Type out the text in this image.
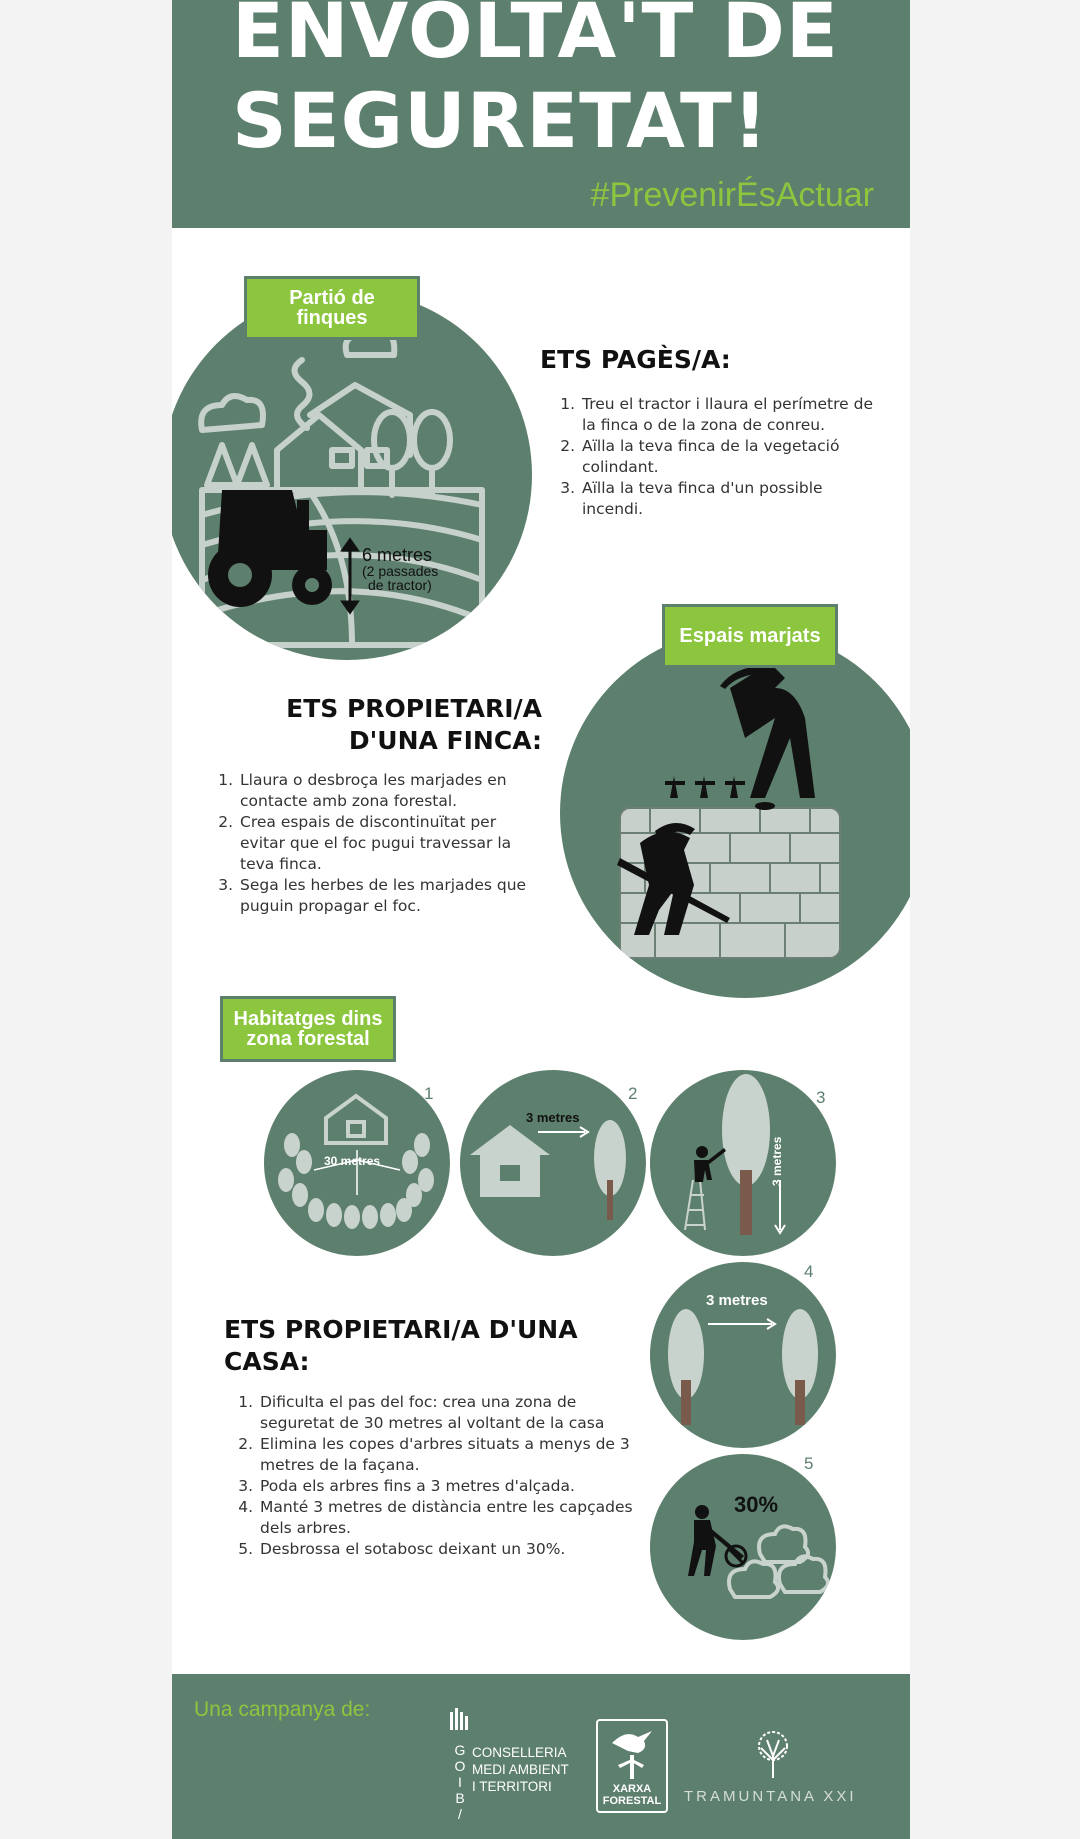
ENVOLTA'T DE
SEGURETAT!
#PrevenirÉsActuar
6 metres
(2 passades
de tractor)
Partió de finques
ETS PAGÈS/A:
1. Treu el tractor i llaura el perímetre de la finca o de la zona de conreu.
2. Aïlla la teva finca de la vegetació colindant.
3. Aïlla la teva finca d'un possible incendi.
Espais marjats
ETS PROPIETARI/A
D'UNA FINCA:
1. Llaura o desbroça les marjades en contacte amb zona forestal.
2. Crea espais de discontinuïtat per evitar que el foc pugui travessar la teva finca.
3. Sega les herbes de les marjades que puguin propagar el foc.
Habitatges dins zona forestal
30 metres
1
3 metres
2
3 metres
3
3 metres
4
30%
5
ETS PROPIETARI/A D'UNA
CASA:
1. Dificulta el pas del foc: crea una zona de seguretat de 30 metres al voltant de la casa
2. Elimina les copes d'arbres situats a menys de 3 metres de la façana.
3. Poda els arbres fins a 3 metres d'alçada.
4. Manté 3 metres de distància entre les capçades dels arbres.
5. Desbrossa el sotabosc deixant un 30%.
Una campanya de:
G
O
I
B
/
CONSELLERIA
MEDI AMBIENT
I TERRITORI	XARXA
FORESTAL	TRAMUNTANA XXI
